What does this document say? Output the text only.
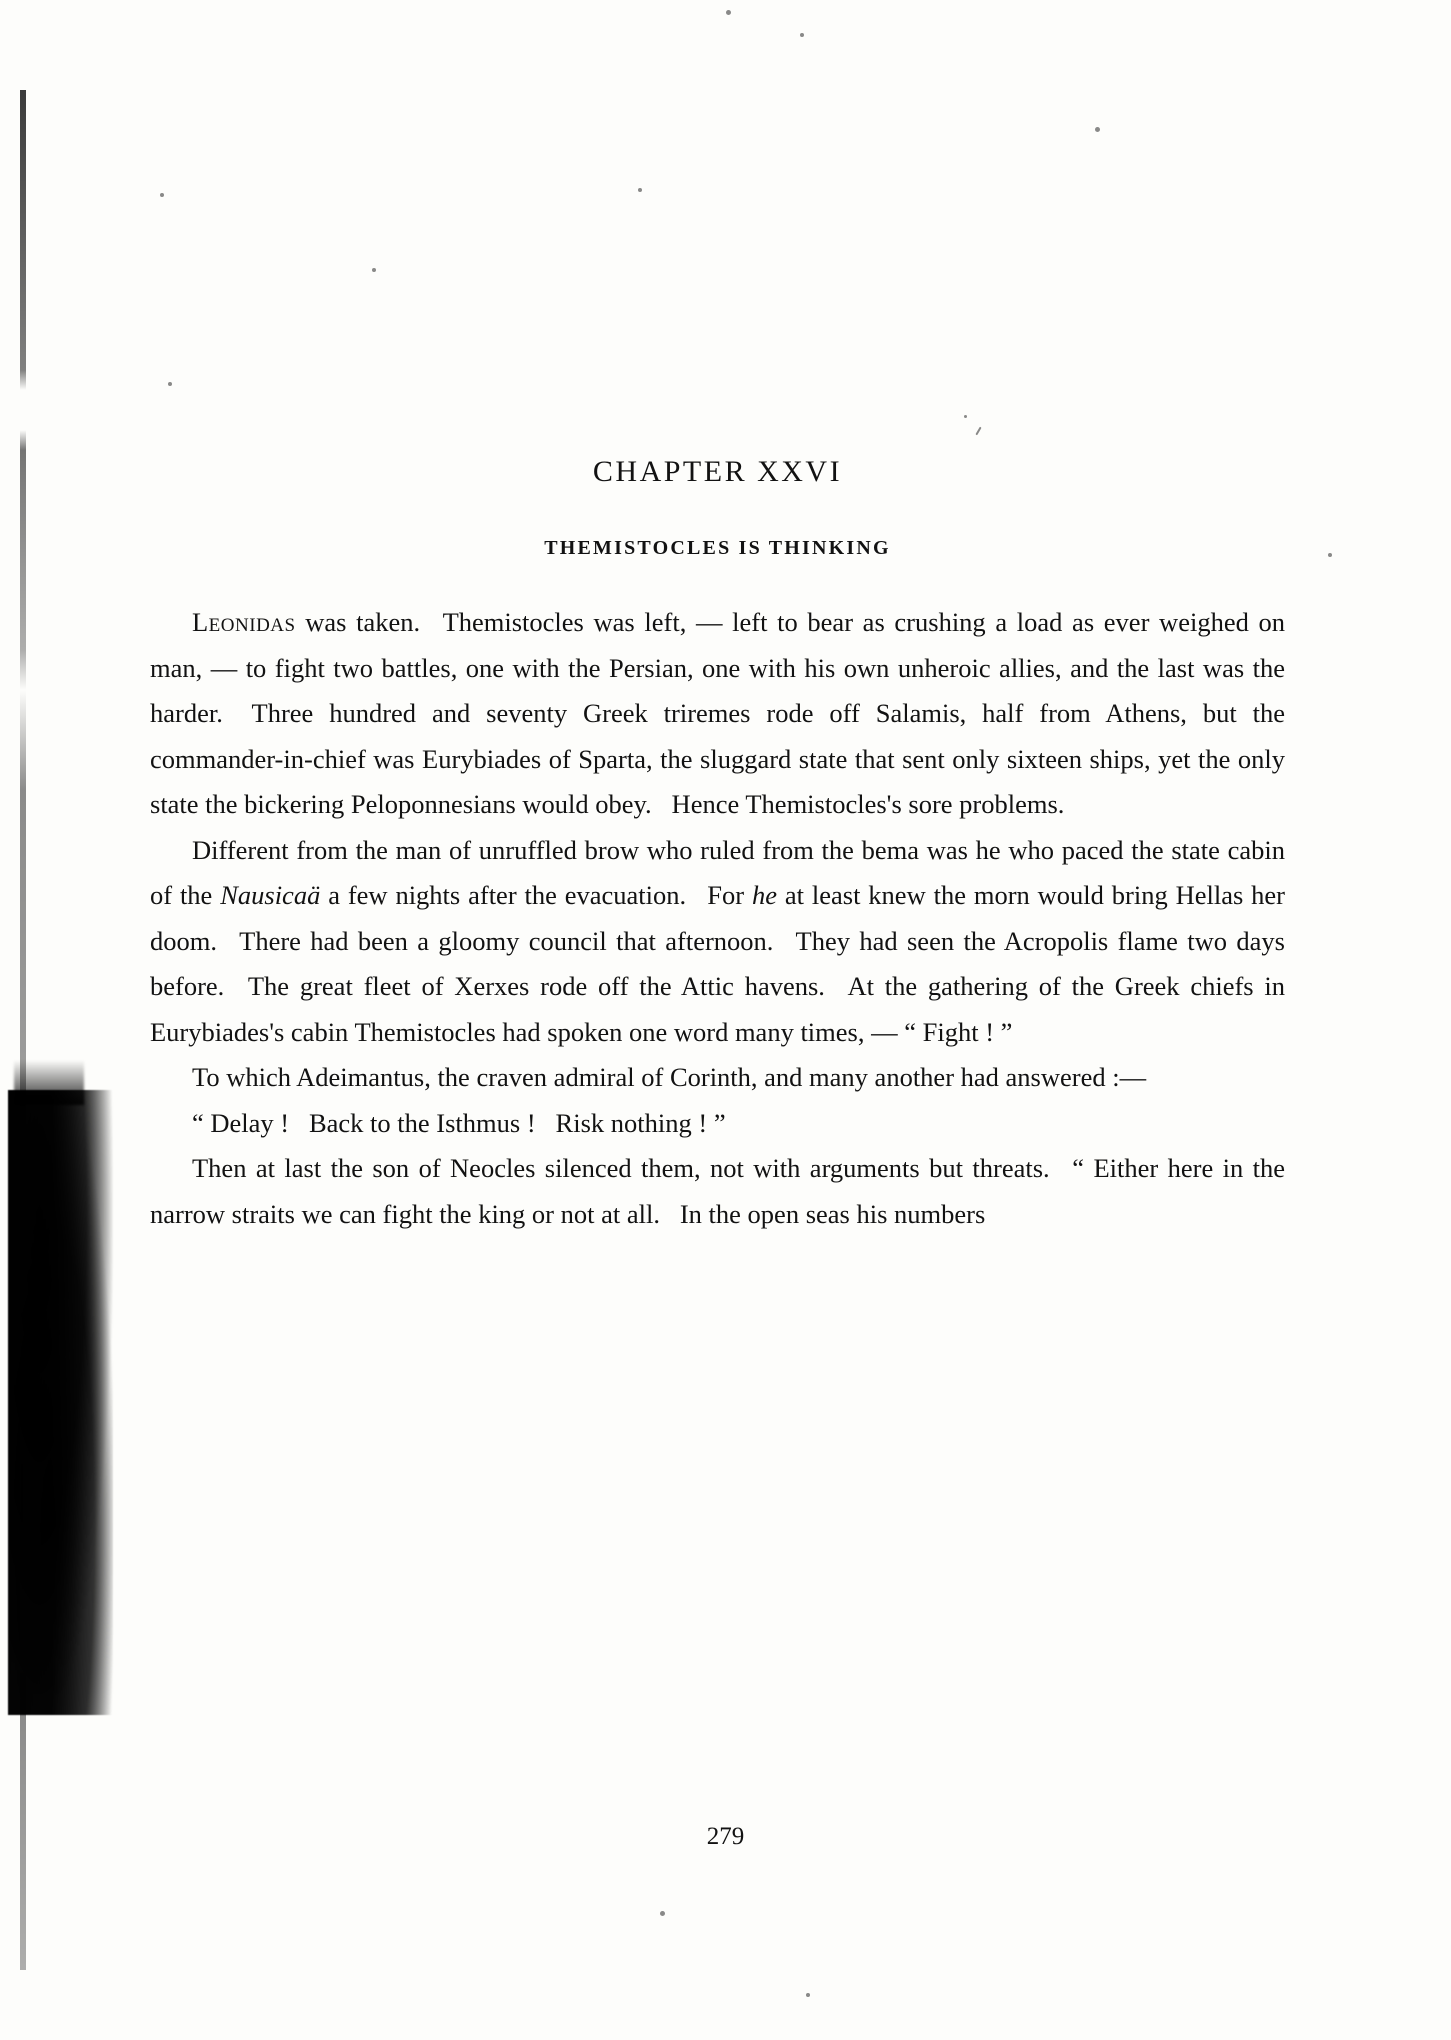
CHAPTER XXVI
THEMISTOCLES IS THINKING

Leonidas was taken.  Themistocles was left, — left to bear as crushing a load as ever weighed on man, — to fight two battles, one with the Persian, one with his own unheroic allies, and the last was the harder.  Three hundred and seventy Greek triremes rode off Salamis, half from Athens, but the commander-in-chief was Eurybiades of Sparta, the sluggard state that sent only sixteen ships, yet the only state the bickering Peloponnesians would obey.  Hence Themistocles's sore problems.

Different from the man of unruffled brow who ruled from the bema was he who paced the state cabin of the Nausicaä a few nights after the evacuation.  For he at least knew the morn would bring Hellas her doom.  There had been a gloomy council that afternoon.  They had seen the Acropolis flame two days before.  The great fleet of Xerxes rode off the Attic havens.  At the gathering of the Greek chiefs in Eurybiades's cabin Themistocles had spoken one word many times, — “ Fight ! ”

To which Adeimantus, the craven admiral of Corinth, and many another had answered :—

“ Delay !  Back to the Isthmus !  Risk nothing ! ”

Then at last the son of Neocles silenced them, not with arguments but threats.  “ Either here in the narrow straits we can fight the king or not at all.  In the open seas his numbers

279
